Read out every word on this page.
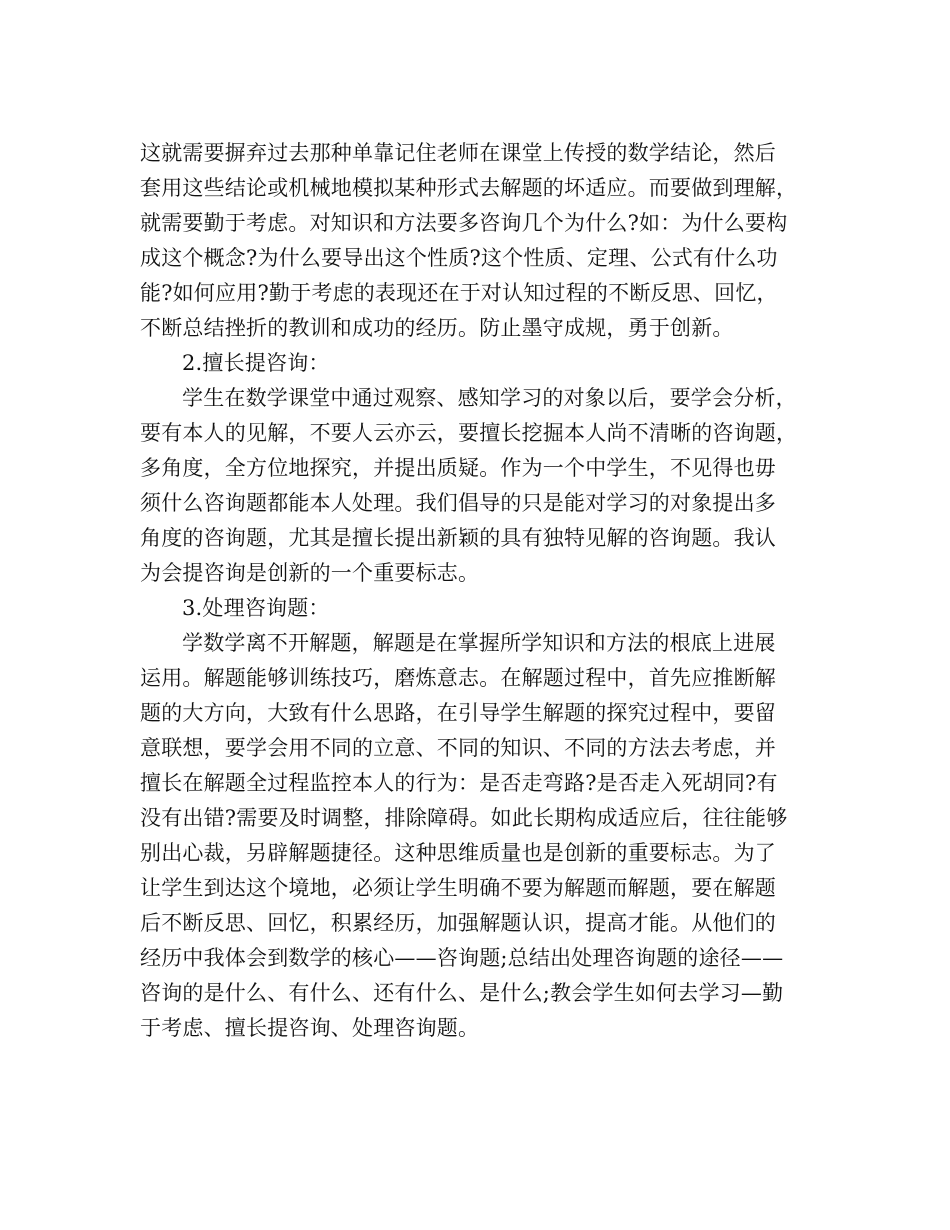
这就需要摒弃过去那种单靠记住老师在课堂上传授的数学结论，然后
套用这些结论或机械地模拟某种形式去解题的坏适应。而要做到理解，
就需要勤于考虑。对知识和方法要多咨询几个为什么?如：为什么要构
成这个概念?为什么要导出这个性质?这个性质、定理、公式有什么功
能?如何应用?勤于考虑的表现还在于对认知过程的不断反思、回忆，
不断总结挫折的教训和成功的经历。防止墨守成规，勇于创新。
2.擅长提咨询：
学生在数学课堂中通过观察、感知学习的对象以后，要学会分析，
要有本人的见解，不要人云亦云，要擅长挖掘本人尚不清晰的咨询题，
多角度，全方位地探究，并提出质疑。作为一个中学生，不见得也毋
须什么咨询题都能本人处理。我们倡导的只是能对学习的对象提出多
角度的咨询题，尤其是擅长提出新颖的具有独特见解的咨询题。我认
为会提咨询是创新的一个重要标志。
3.处理咨询题：
学数学离不开解题，解题是在掌握所学知识和方法的根底上进展
运用。解题能够训练技巧，磨炼意志。在解题过程中，首先应推断解
题的大方向，大致有什么思路，在引导学生解题的探究过程中，要留
意联想，要学会用不同的立意、不同的知识、不同的方法去考虑，并
擅长在解题全过程监控本人的行为：是否走弯路?是否走入死胡同?有
没有出错?需要及时调整，排除障碍。如此长期构成适应后，往往能够
别出心裁，另辟解题捷径。这种思维质量也是创新的重要标志。为了
让学生到达这个境地，必须让学生明确不要为解题而解题，要在解题
后不断反思、回忆，积累经历，加强解题认识，提高才能。从他们的
经历中我体会到数学的核心——咨询题;总结出处理咨询题的途径——
咨询的是什么、有什么、还有什么、是什么;教会学生如何去学习—勤
于考虑、擅长提咨询、处理咨询题。
